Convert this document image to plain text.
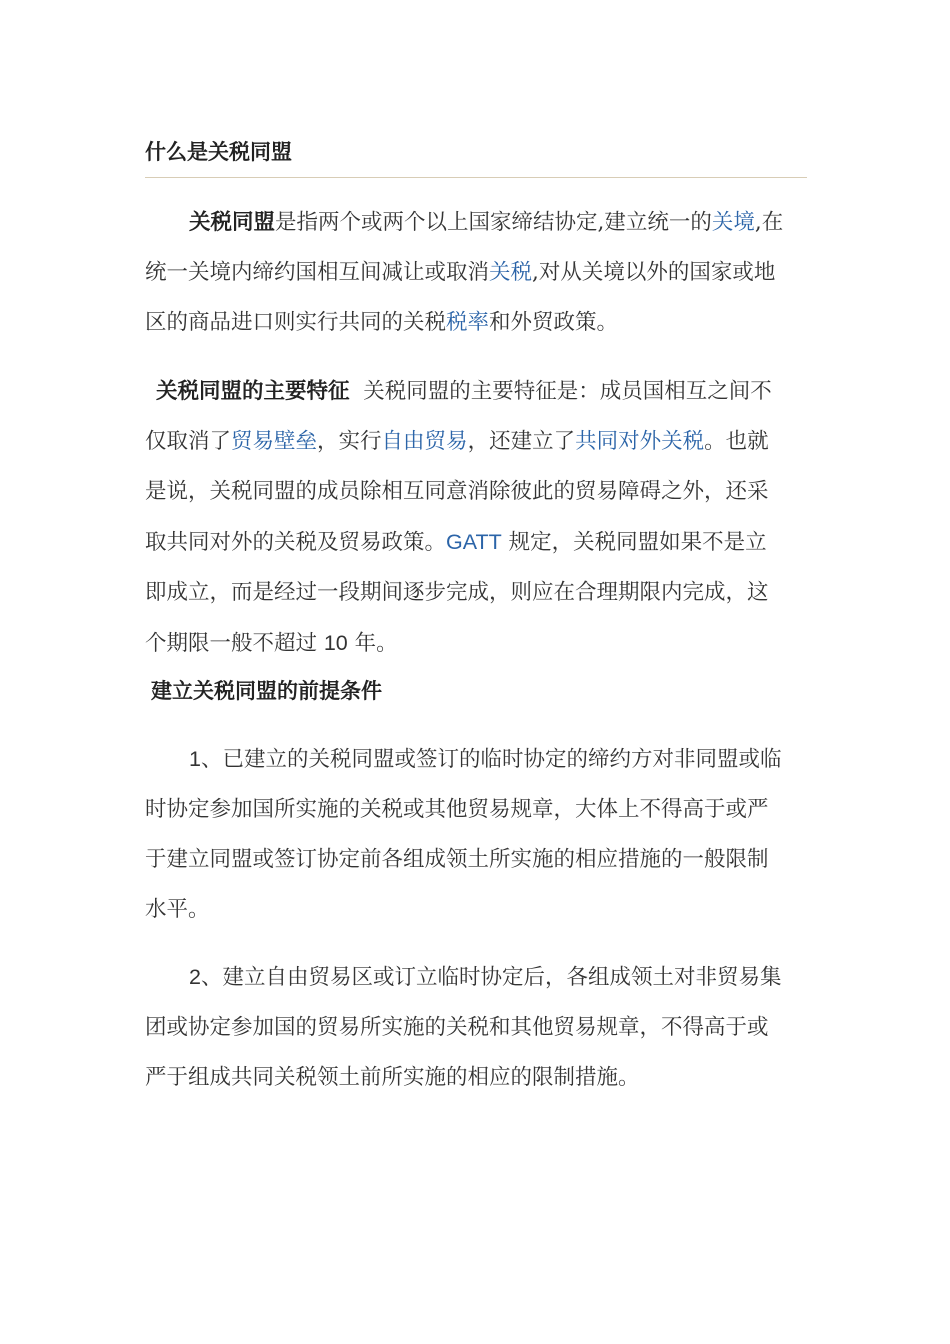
什么是关税同盟
关税同盟是指两个或两个以上国家缔结协定,建立统一的关境,在
统一关境内缔约国相互间减让或取消关税,对从关境以外的国家或地
区的商品进口则实行共同的关税税率和外贸政策。
关税同盟的主要特征 关税同盟的主要特征是：成员国相互之间不
仅取消了贸易壁垒，实行自由贸易，还建立了共同对外关税。也就
是说，关税同盟的成员除相互同意消除彼此的贸易障碍之外，还采
取共同对外的关税及贸易政策。GATT 规定，关税同盟如果不是立
即成立，而是经过一段期间逐步完成，则应在合理期限内完成，这
个期限一般不超过 10 年。
建立关税同盟的前提条件
1、已建立的关税同盟或签订的临时协定的缔约方对非同盟或临
时协定参加国所实施的关税或其他贸易规章，大体上不得高于或严
于建立同盟或签订协定前各组成领土所实施的相应措施的一般限制
水平。
2、建立自由贸易区或订立临时协定后，各组成领土对非贸易集
团或协定参加国的贸易所实施的关税和其他贸易规章，不得高于或
严于组成共同关税领土前所实施的相应的限制措施。
